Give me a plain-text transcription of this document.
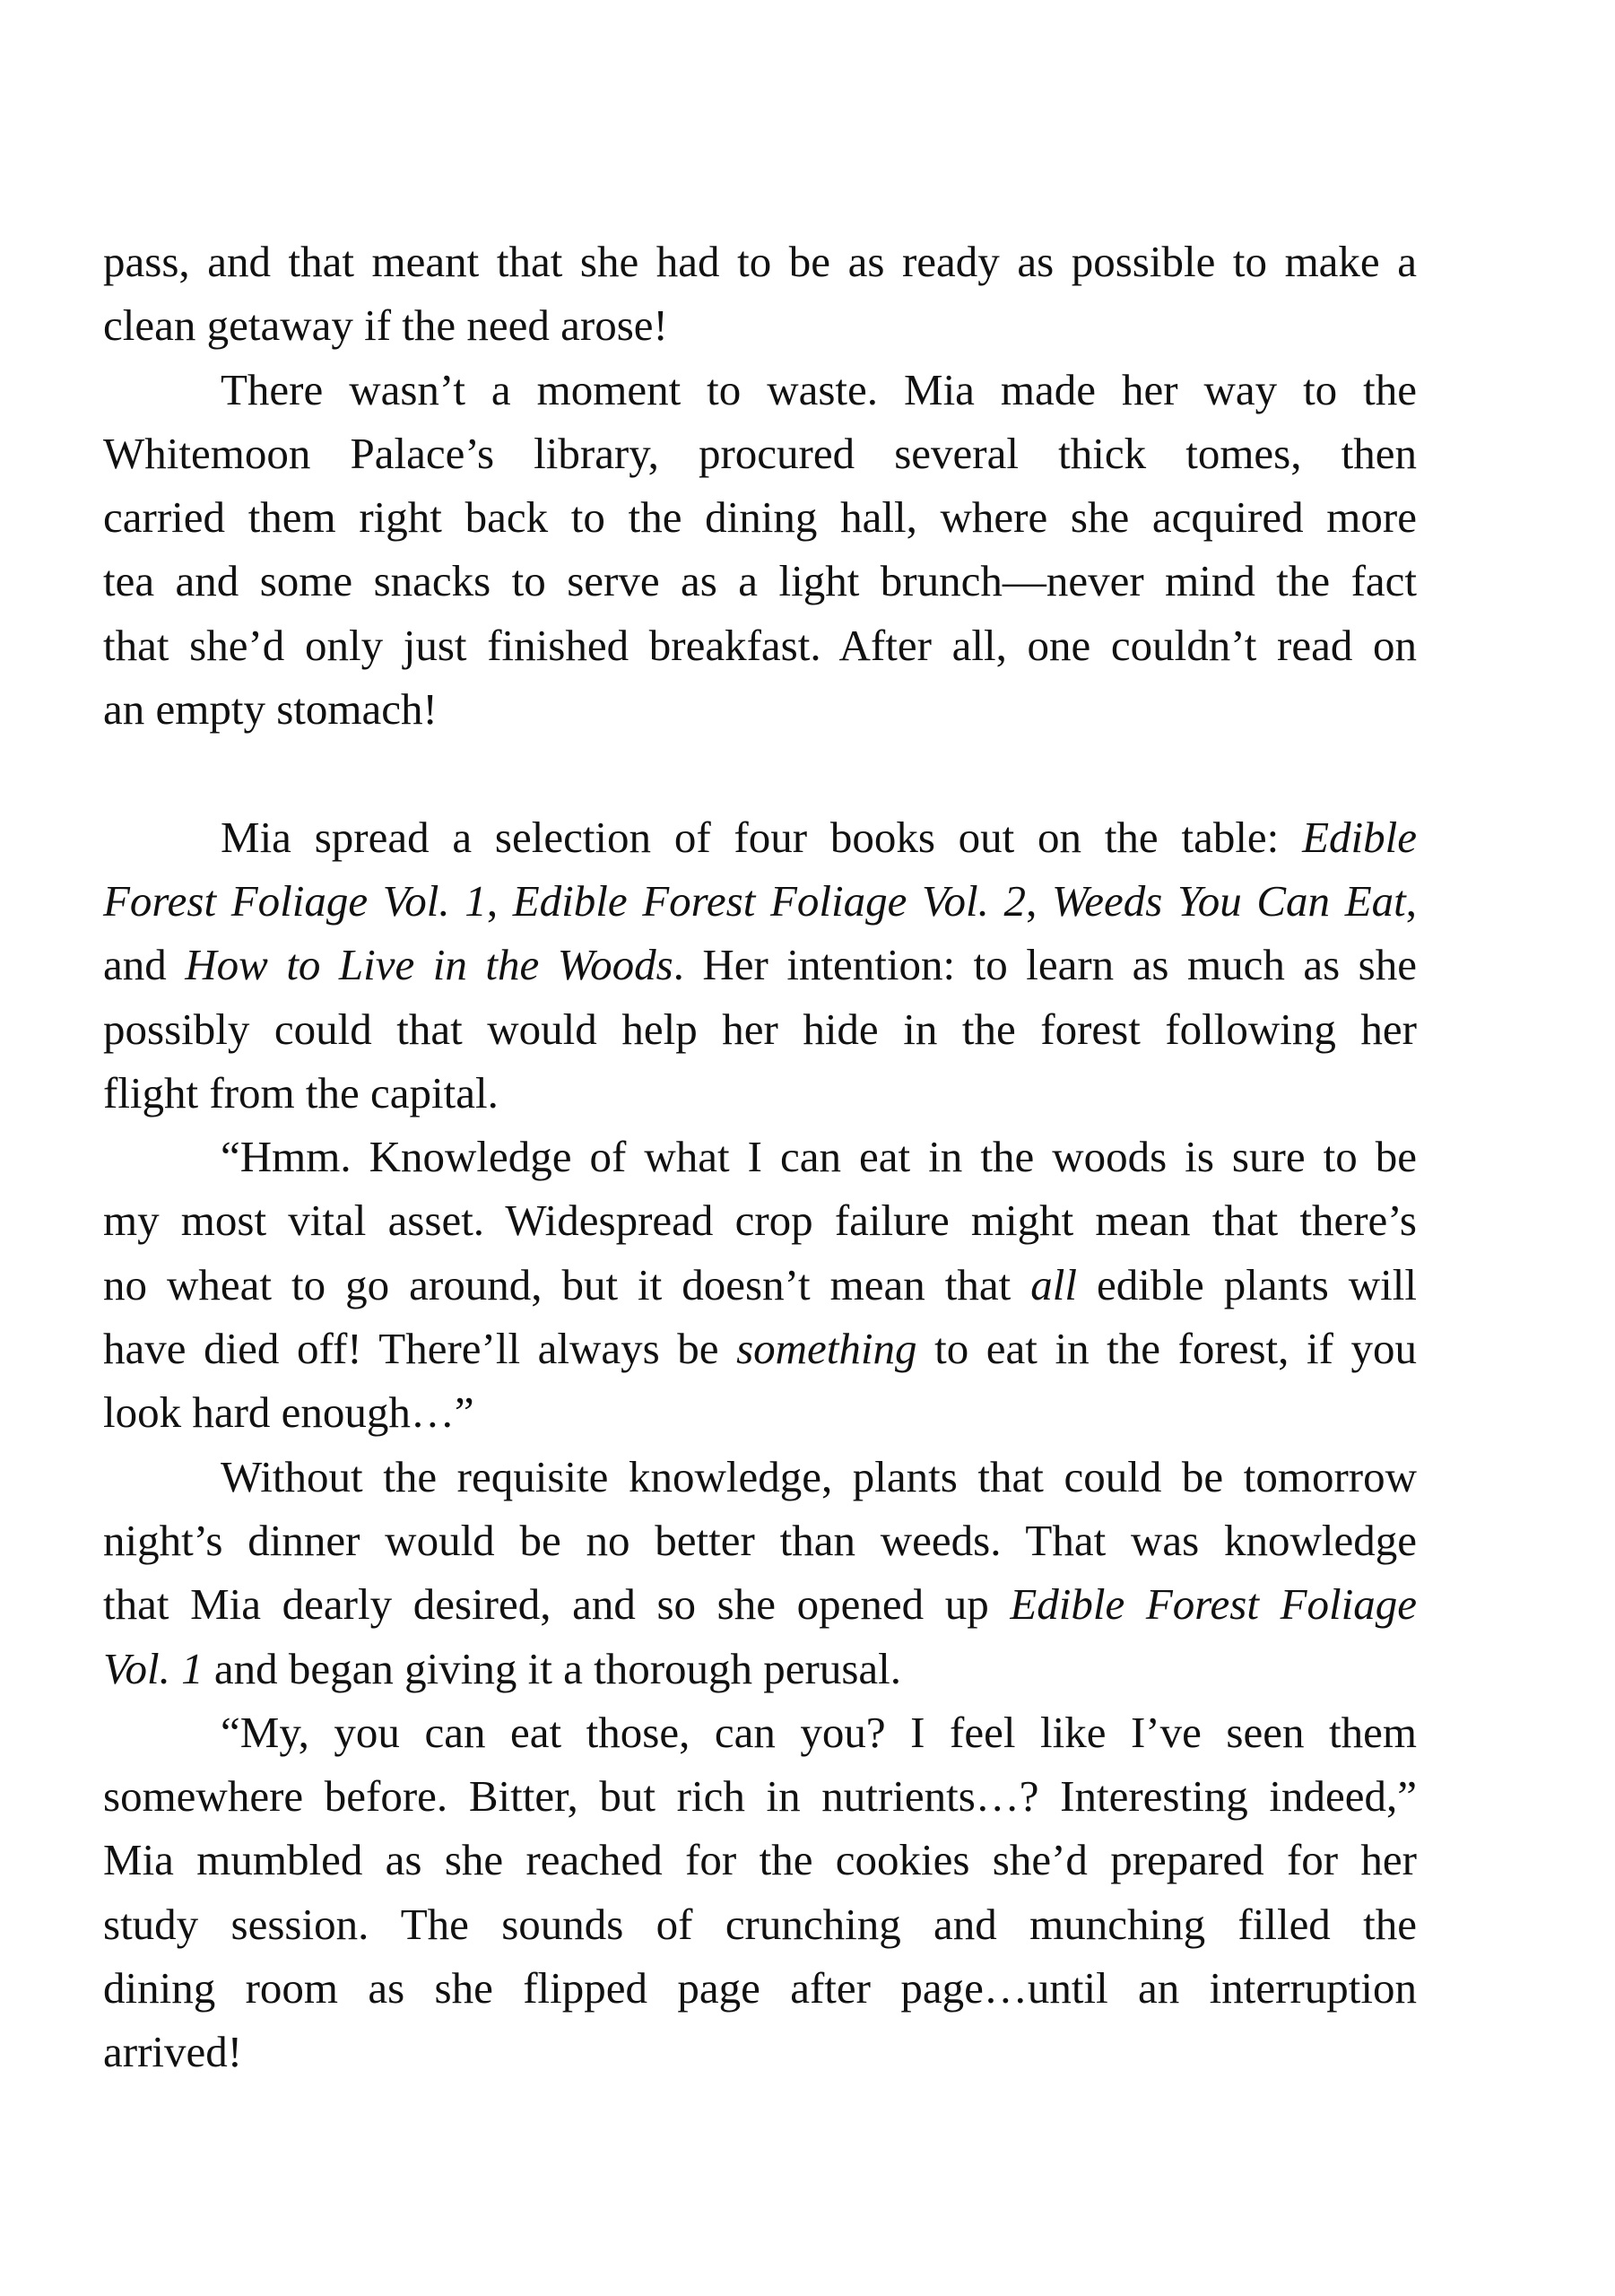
pass, and that meant that she had to be as ready as possible to make a
clean getaway if the need arose!
There wasn’t a moment to waste. Mia made her way to the
Whitemoon Palace’s library, procured several thick tomes, then
carried them right back to the dining hall, where she acquired more
tea and some snacks to serve as a light brunch—never mind the fact
that she’d only just finished breakfast. After all, one couldn’t read on
an empty stomach!
Mia spread a selection of four books out on the table: Edible
Forest Foliage Vol. 1, Edible Forest Foliage Vol. 2, Weeds You Can Eat,
and How to Live in the Woods. Her intention: to learn as much as she
possibly could that would help her hide in the forest following her
flight from the capital.
“Hmm. Knowledge of what I can eat in the woods is sure to be
my most vital asset. Widespread crop failure might mean that there’s
no wheat to go around, but it doesn’t mean that all edible plants will
have died off! There’ll always be something to eat in the forest, if you
look hard enough…”
Without the requisite knowledge, plants that could be tomorrow
night’s dinner would be no better than weeds. That was knowledge
that Mia dearly desired, and so she opened up Edible Forest Foliage
Vol. 1 and began giving it a thorough perusal.
“My, you can eat those, can you? I feel like I’ve seen them
somewhere before. Bitter, but rich in nutrients…? Interesting indeed,”
Mia mumbled as she reached for the cookies she’d prepared for her
study session. The sounds of crunching and munching filled the
dining room as she flipped page after page…until an interruption
arrived!
